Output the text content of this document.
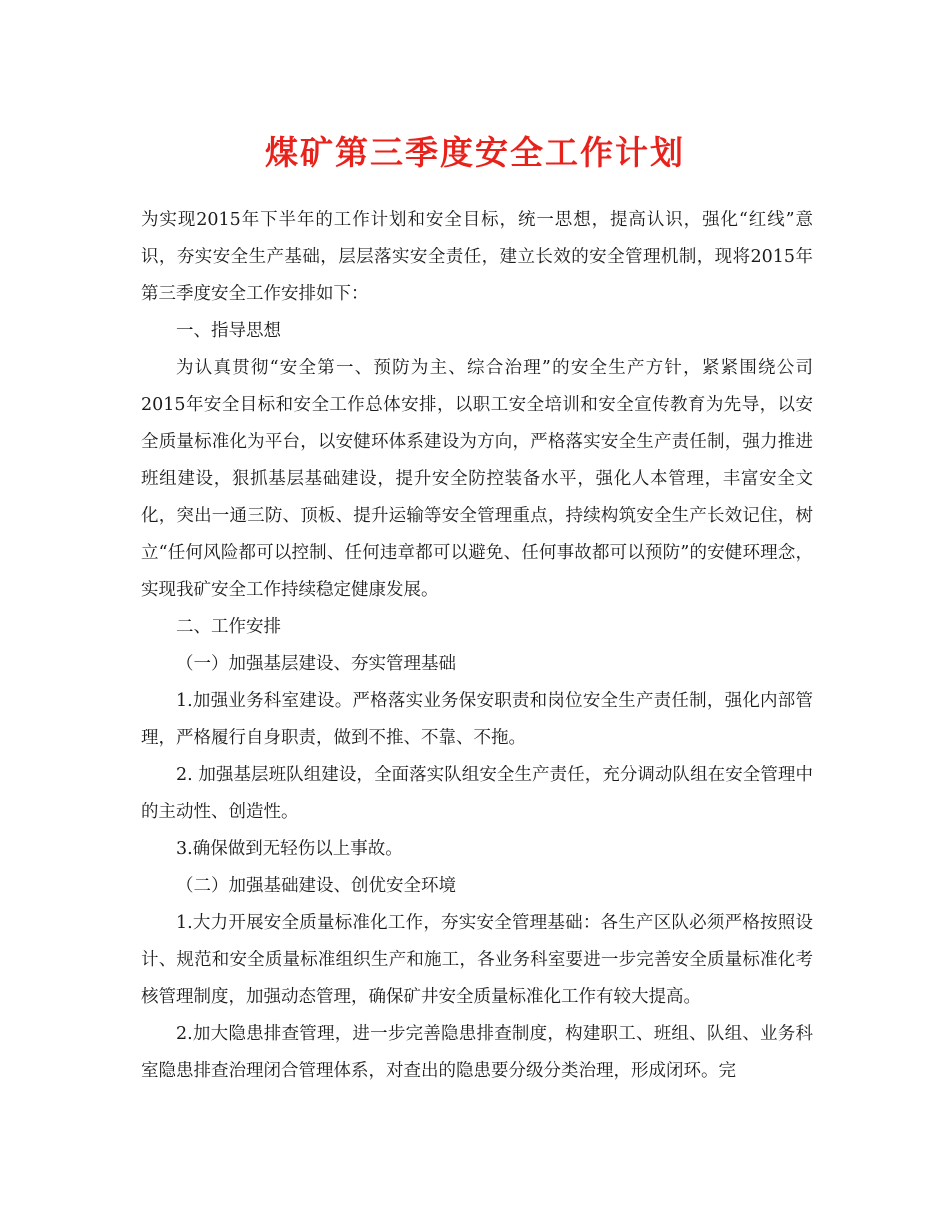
煤矿第三季度安全工作计划

为实现2015年下半年的工作计划和安全目标，统一思想，提高认识，强化“红线”意识，夯实安全生产基础，层层落实安全责任，建立长效的安全管理机制，现将2015年第三季度安全工作安排如下：

一、指导思想

为认真贯彻“安全第一、预防为主、综合治理”的安全生产方针，紧紧围绕公司2015年安全目标和安全工作总体安排，以职工安全培训和安全宣传教育为先导，以安全质量标准化为平台，以安健环体系建设为方向，严格落实安全生产责任制，强力推进班组建设，狠抓基层基础建设，提升安全防控装备水平，强化人本管理，丰富安全文化，突出一通三防、顶板、提升运输等安全管理重点，持续构筑安全生产长效记住，树立“任何风险都可以控制、任何违章都可以避免、任何事故都可以预防”的安健环理念，实现我矿安全工作持续稳定健康发展。

二、工作安排

（一）加强基层建设、夯实管理基础

1.加强业务科室建设。严格落实业务保安职责和岗位安全生产责任制，强化内部管理，严格履行自身职责，做到不推、不靠、不拖。

2. 加强基层班队组建设，全面落实队组安全生产责任，充分调动队组在安全管理中的主动性、创造性。

3.确保做到无轻伤以上事故。

（二）加强基础建设、创优安全环境

1.大力开展安全质量标准化工作，夯实安全管理基础：各生产区队必须严格按照设计、规范和安全质量标准组织生产和施工，各业务科室要进一步完善安全质量标准化考核管理制度，加强动态管理，确保矿井安全质量标准化工作有较大提高。

2.加大隐患排查管理，进一步完善隐患排查制度，构建职工、班组、队组、业务科室隐患排查治理闭合管理体系，对查出的隐患要分级分类治理，形成闭环。完
